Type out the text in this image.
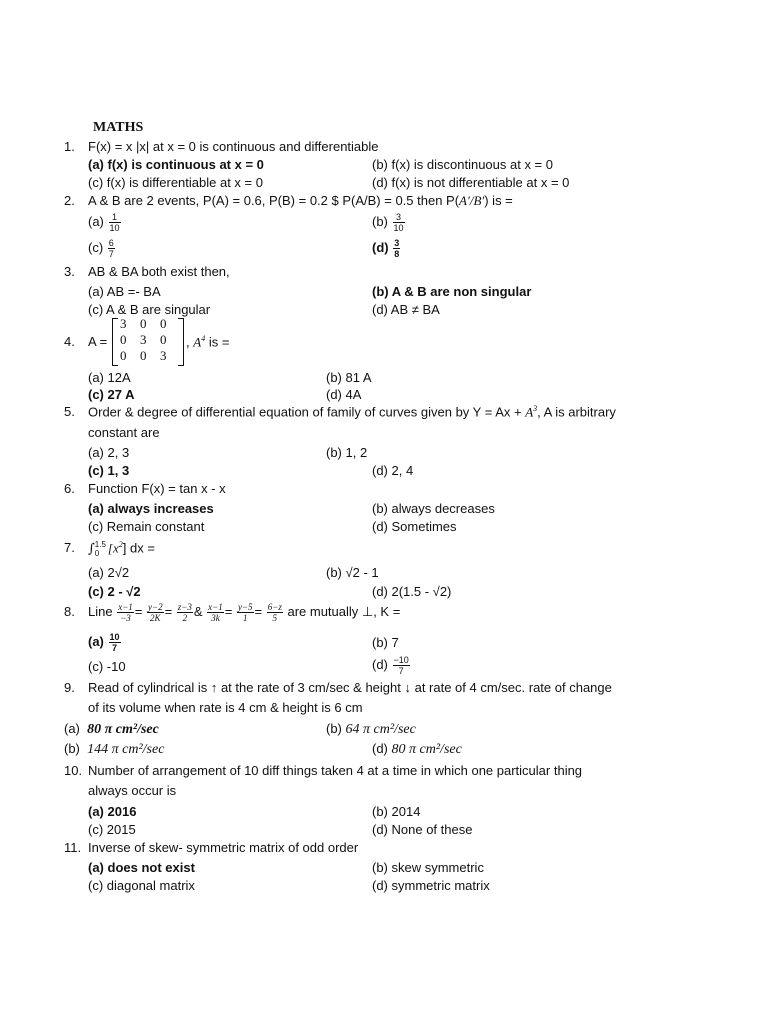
MATHS
1. F(x) = x |x| at x = 0 is continuous and differentiable
(a) f(x) is continuous at x = 0	(b) f(x) is discontinuous at x = 0
(c) f(x) is differentiable at x = 0	(d) f(x) is not differentiable at x = 0
2. A & B are 2 events, P(A) = 0.6, P(B) = 0.2 $ P(A/B) = 0.5 then P(A′/B′) is =
$(a) \frac{1}{10}$	$(b) \frac{3}{10}$
$(c) \frac{6}{7}$	$(d) \frac{3}{8}$
3. AB & BA both exist then,
(a) AB =- BA	(b) A & B are non singular
(c) A & B are singular	(d) AB ≠ BA
4. A =
3 0 0
0 3 0
0 0 3
, $A^4$ is =
(a) 12A	(b) 81 A
(c) 27 A	(d) 4A
5. Order & degree of differential equation of family of curves given by $Y = Ax + A^3$, A is arbitrary
constant are
(a) 2, 3	(b) 1, 2
(c) 1, 3	(d) 2, 4
6. Function F(x) = tan x - x
(a) always increases	(b) always decreases
(c) Remain constant	(d) Sometimes
7. ∫ 1.5
0 $[x^2]$ dx =
(a) 2√2	(b) √2 - 1
(c) 2 - √2	(d) 2(1.5 - √2)
8. Line $\frac{x-1}{-3} = \frac{y-2}{2K} = \frac{z-3}{2}$ & $\frac{x-1}{3k} = \frac{y-5}{1} = \frac{6-z}{5}$ are mutually ⊥, K =
$(a) \frac{10}{7}$	(b) 7
(c) -10	$(d) \frac{-10}{7}$
9. Read of cylindrical is ↑ at the rate of 3 cm/sec & height ↓ at rate of 4 cm/sec. rate of change
of its volume when rate is 4 cm & height is 6 cm
(a) 80 π cm²/sec	(b) 64 π cm²/sec
(b) 144 π cm²/sec	(d) 80 π cm²/sec
10. Number of arrangement of 10 diff things taken 4 at a time in which one particular thing
always occur is
(a) 2016	(b) 2014
(c) 2015	(d) None of these
11. Inverse of skew- symmetric matrix of odd order
(a) does not exist	(b) skew symmetric
(c) diagonal matrix	(d) symmetric matrix
